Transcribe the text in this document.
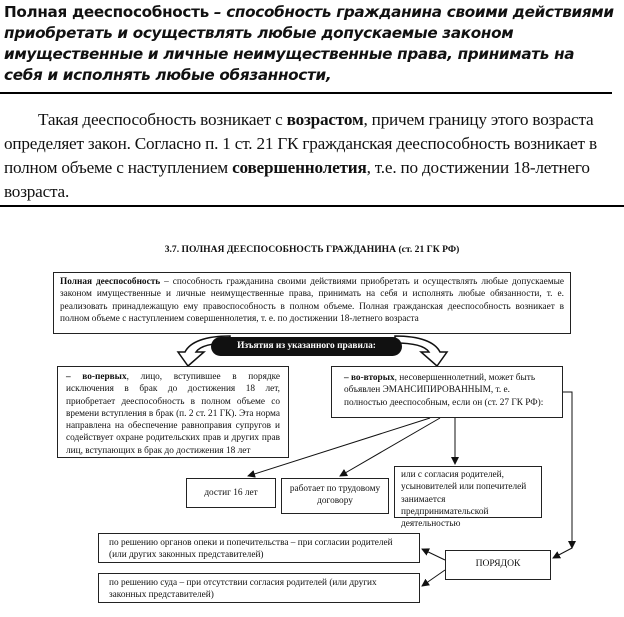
Полная дееспособность – способность гражданина своими действиями приобретать и осуществлять любые допускаемые законом имущественные и личные неимущественные права, принимать на себя и исполнять любые обязанности,
  Такая дееспособность возникает с возрастом, причем границу этого возраста определяет закон. Согласно п. 1 ст. 21 ГК гражданская дееспособность возникает в полном объеме с наступлением совершеннолетия, т.е. по достижении 18-летнего возраста.
3.7. ПОЛНАЯ ДЕЕСПОСОБНОСТЬ ГРАЖДАНИНА (ст. 21 ГК РФ)
Полная дееспособность – способность гражданина своими действиями приобретать и осуществлять любые допускаемые законом имущественные и личные неимущественные права, принимать на себя и исполнять любые обязанности, т. е. реализовать принадлежащую ему правоспособность в полном объеме. Полная гражданская дееспособность возникает в полном объеме с наступлением совершеннолетия, т. е. по достижении 18-летнего возраста
Изъятия из указанного правила:
– во-первых, лицо, вступившее в порядке исключения в брак до достижения 18 лет, приобретает дееспособность в полном объеме со времени вступления в брак (п. 2 ст. 21 ГК). Эта норма направлена на обеспечение равноправия супругов и содействует охране родительских прав и других прав лиц, вступающих в брак до достижения 18 лет
– во-вторых, несовершеннолетний, может быть объявлен ЭМАНСИПИРОВАННЫМ, т. е. полностью дееспособным, если он (ст. 27 ГК РФ):
достиг 16 лет	работает по трудовому договору
или с согласия родителей, усыновителей или попечителей занимается предпринимательской деятельностью
по решению органов опеки и попечительства – при согласии родителей (или других законных представителей)
по решению суда – при отсутствии согласия родителей (или других законных представителей)
ПОРЯДОК
